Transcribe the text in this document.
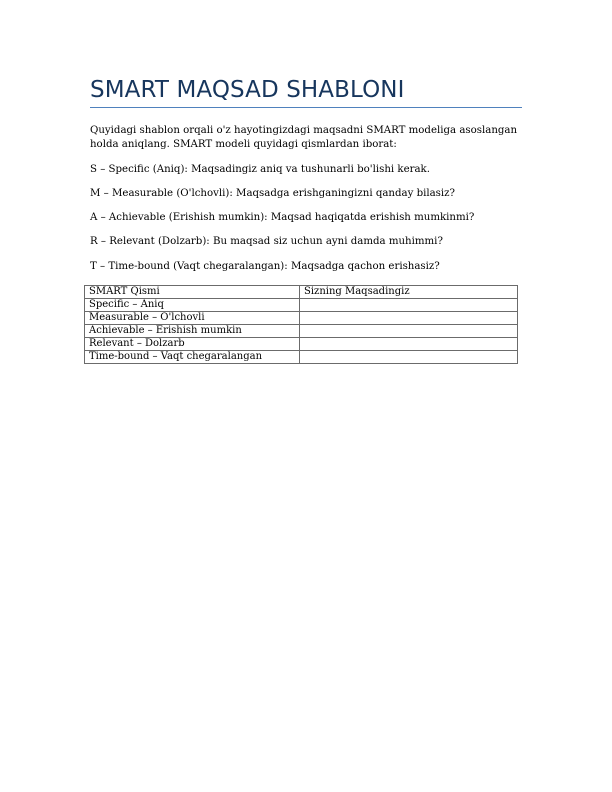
SMART MAQSAD SHABLONI

Quyidagi shablon orqali o'z hayotingizdagi maqsadni SMART modeliga asoslangan holda aniqlang. SMART modeli quyidagi qismlardan iborat:

S – Specific (Aniq): Maqsadingiz aniq va tushunarli bo'lishi kerak.

M – Measurable (O'lchovli): Maqsadga erishganingizni qanday bilasiz?

A – Achievable (Erishish mumkin): Maqsad haqiqatda erishish mumkinmi?

R – Relevant (Dolzarb): Bu maqsad siz uchun ayni damda muhimmi?

T – Time-bound (Vaqt chegaralangan): Maqsadga qachon erishasiz?

SMART Qismi	Sizning Maqsadingiz
Specific – Aniq	
Measurable – O'lchovli	
Achievable – Erishish mumkin	
Relevant – Dolzarb	
Time-bound – Vaqt chegaralangan	
